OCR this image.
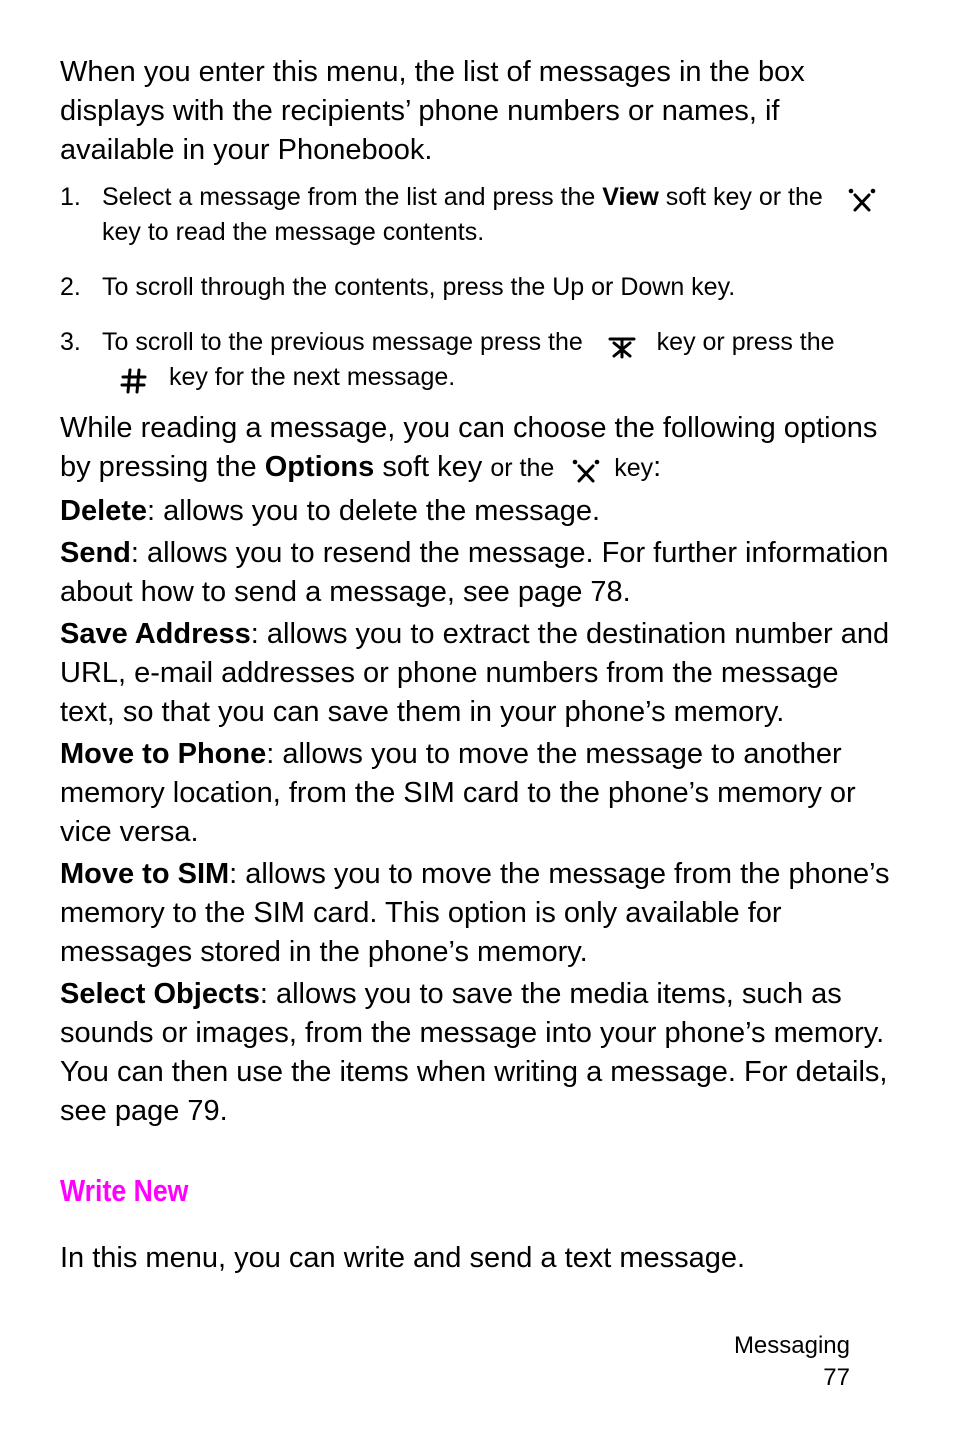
When you enter this menu, the list of messages in the box displays with the recipients’ phone numbers or names, if available in your Phonebook.

1. Select a message from the list and press the View soft key or the
key to read the message contents.
2. To scroll through the contents, press the Up or Down key.
3. To scroll to the previous message press the
key or press the
key for the next message.

While reading a message, you can choose the following options by pressing the Options soft key or the key:

Delete: allows you to delete the message.

Send: allows you to resend the message. For further information about how to send a message, see page 78.

Save Address: allows you to extract the destination number and URL, e-mail addresses or phone numbers from the message text, so that you can save them in your phone’s memory.

Move to Phone: allows you to move the message to another memory location, from the SIM card to the phone’s memory or vice versa.

Move to SIM: allows you to move the message from the phone’s memory to the SIM card. This option is only available for messages stored in the phone’s memory.

Select Objects: allows you to save the media items, such as sounds or images, from the message into your phone’s memory. You can then use the items when writing a message. For details, see page 79.

Write New

In this menu, you can write and send a text message.

Messaging
77
